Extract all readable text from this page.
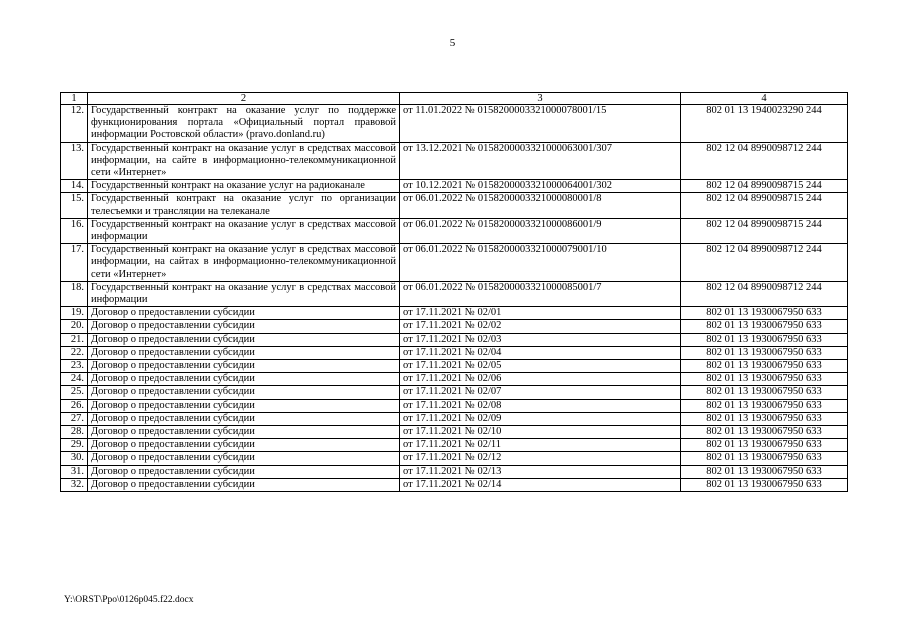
5
1	2	3	4
12.	Государственный контракт на оказание услуг по поддержке функционирования портала «Официальный портал правовой информации Ростовской области» (pravo.donland.ru)	от 11.01.2022 № 0158200003321000078001/15	802 01 13 1940023290 244
13.	Государственный контракт на оказание услуг в средствах массовой информации, на сайте в информационно-телекоммуникационной сети «Интернет»	от 13.12.2021 № 0158200003321000063001/307	802 12 04 8990098712 244
14.	Государственный контракт на оказание услуг на радиоканале	от 10.12.2021 № 0158200003321000064001/302	802 12 04 8990098715 244
15.	Государственный контракт на оказание услуг по организации телесъемки и трансляции на телеканале	от 06.01.2022 № 0158200003321000080001/8	802 12 04 8990098715 244
16.	Государственный контракт на оказание услуг в средствах массовой информации	от 06.01.2022 № 0158200003321000086001/9	802 12 04 8990098715 244
17.	Государственный контракт на оказание услуг в средствах массовой информации, на сайтах в информационно-телекоммуникационной сети «Интернет»	от 06.01.2022 № 0158200003321000079001/10	802 12 04 8990098712 244
18.	Государственный контракт на оказание услуг в средствах массовой информации	от 06.01.2022 № 0158200003321000085001/7	802 12 04 8990098712 244
19.	Договор о предоставлении субсидии	от 17.11.2021 № 02/01	802 01 13 1930067950 633
20.	Договор о предоставлении субсидии	от 17.11.2021 № 02/02	802 01 13 1930067950 633
21.	Договор о предоставлении субсидии	от 17.11.2021 № 02/03	802 01 13 1930067950 633
22.	Договор о предоставлении субсидии	от 17.11.2021 № 02/04	802 01 13 1930067950 633
23.	Договор о предоставлении субсидии	от 17.11.2021 № 02/05	802 01 13 1930067950 633
24.	Договор о предоставлении субсидии	от 17.11.2021 № 02/06	802 01 13 1930067950 633
25.	Договор о предоставлении субсидии	от 17.11.2021 № 02/07	802 01 13 1930067950 633
26.	Договор о предоставлении субсидии	от 17.11.2021 № 02/08	802 01 13 1930067950 633
27.	Договор о предоставлении субсидии	от 17.11.2021 № 02/09	802 01 13 1930067950 633
28.	Договор о предоставлении субсидии	от 17.11.2021 № 02/10	802 01 13 1930067950 633
29.	Договор о предоставлении субсидии	от 17.11.2021 № 02/11	802 01 13 1930067950 633
30.	Договор о предоставлении субсидии	от 17.11.2021 № 02/12	802 01 13 1930067950 633
31.	Договор о предоставлении субсидии	от 17.11.2021 № 02/13	802 01 13 1930067950 633
32.	Договор о предоставлении субсидии	от 17.11.2021 № 02/14	802 01 13 1930067950 633
Y:\ORST\Ppo\0126p045.f22.docx
